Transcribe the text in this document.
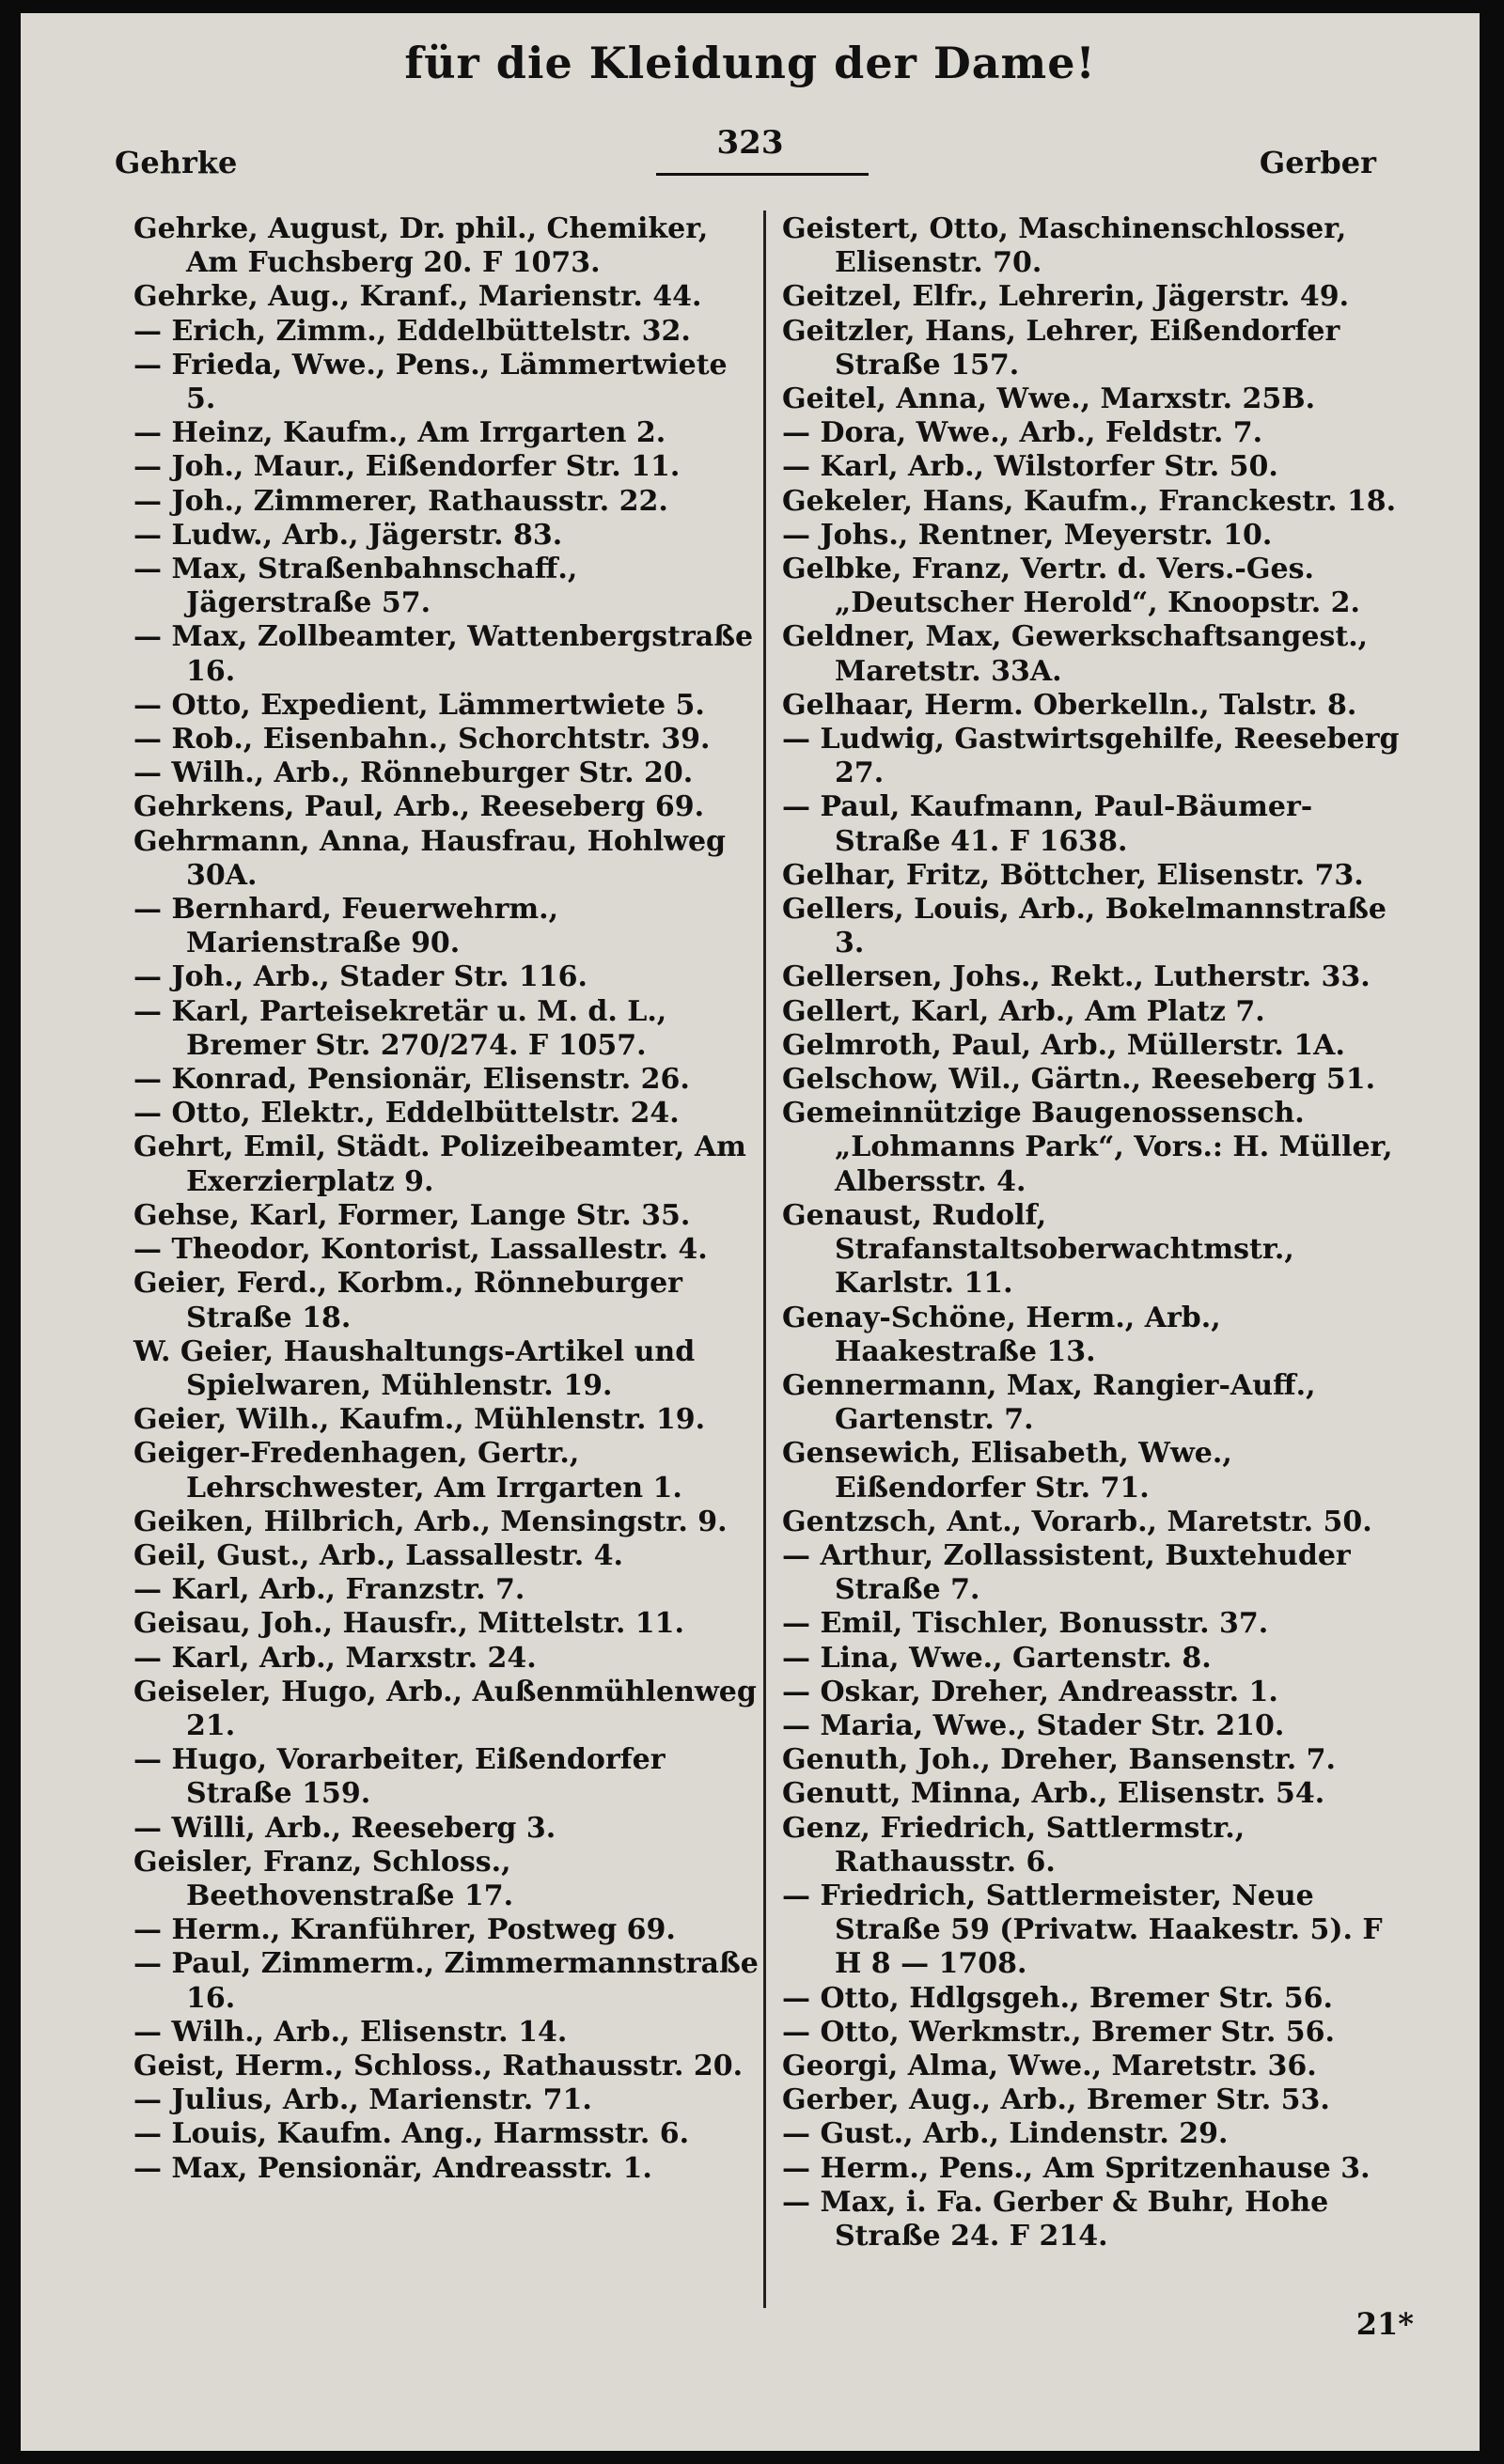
für die Kleidung der Dame!
Gehrke
323
Gerber
Gehrke, August, Dr. phil., Chemiker, Am Fuchsberg 20. F 1073.
Gehrke, Aug., Kranf., Marienstr. 44.
— Erich, Zimm., Eddelbüttelstr. 32.
— Frieda, Wwe., Pens., Lämmertwiete 5.
— Heinz, Kaufm., Am Irrgarten 2.
— Joh., Maur., Eißendorfer Str. 11.
— Joh., Zimmerer, Rathausstr. 22.
— Ludw., Arb., Jägerstr. 83.
— Max, Straßenbahnschaff., Jägerstraße 57.
— Max, Zollbeamter, Wattenbergstraße 16.
— Otto, Expedient, Lämmertwiete 5.
— Rob., Eisenbahn., Schorchtstr. 39.
— Wilh., Arb., Rönneburger Str. 20.
Gehrkens, Paul, Arb., Reeseberg 69.
Gehrmann, Anna, Hausfrau, Hohlweg 30A.
— Bernhard, Feuerwehrm., Marienstraße 90.
— Joh., Arb., Stader Str. 116.
— Karl, Parteisekretär u. M. d. L., Bremer Str. 270/274. F 1057.
— Konrad, Pensionär, Elisenstr. 26.
— Otto, Elektr., Eddelbüttelstr. 24.
Gehrt, Emil, Städt. Polizeibeamter, Am Exerzierplatz 9.
Gehse, Karl, Former, Lange Str. 35.
— Theodor, Kontorist, Lassallestr. 4.
Geier, Ferd., Korbm., Rönneburger Straße 18.
W. Geier, Haushaltungs-Artikel und Spielwaren, Mühlenstr. 19.
Geier, Wilh., Kaufm., Mühlenstr. 19.
Geiger-Fredenhagen, Gertr., Lehrschwester, Am Irrgarten 1.
Geiken, Hilbrich, Arb., Mensingstr. 9.
Geil, Gust., Arb., Lassallestr. 4.
— Karl, Arb., Franzstr. 7.
Geisau, Joh., Hausfr., Mittelstr. 11.
— Karl, Arb., Marxstr. 24.
Geiseler, Hugo, Arb., Außenmühlenweg 21.
— Hugo, Vorarbeiter, Eißendorfer Straße 159.
— Willi, Arb., Reeseberg 3.
Geisler, Franz, Schloss., Beethovenstraße 17.
— Herm., Kranführer, Postweg 69.
— Paul, Zimmerm., Zimmermannstraße 16.
— Wilh., Arb., Elisenstr. 14.
Geist, Herm., Schloss., Rathausstr. 20.
— Julius, Arb., Marienstr. 71.
— Louis, Kaufm. Ang., Harmsstr. 6.
— Max, Pensionär, Andreasstr. 1.
Geistert, Otto, Maschinenschlosser, Elisenstr. 70.
Geitzel, Elfr., Lehrerin, Jägerstr. 49.
Geitzler, Hans, Lehrer, Eißendorfer Straße 157.
Geitel, Anna, Wwe., Marxstr. 25B.
— Dora, Wwe., Arb., Feldstr. 7.
— Karl, Arb., Wilstorfer Str. 50.
Gekeler, Hans, Kaufm., Franckestr. 18.
— Johs., Rentner, Meyerstr. 10.
Gelbke, Franz, Vertr. d. Vers.-Ges. „Deutscher Herold“, Knoopstr. 2.
Geldner, Max, Gewerkschaftsangest., Maretstr. 33A.
Gelhaar, Herm. Oberkelln., Talstr. 8.
— Ludwig, Gastwirtsgehilfe, Reeseberg 27.
— Paul, Kaufmann, Paul-Bäumer-Straße 41. F 1638.
Gelhar, Fritz, Böttcher, Elisenstr. 73.
Gellers, Louis, Arb., Bokelmannstraße 3.
Gellersen, Johs., Rekt., Lutherstr. 33.
Gellert, Karl, Arb., Am Platz 7.
Gelmroth, Paul, Arb., Müllerstr. 1A.
Gelschow, Wil., Gärtn., Reeseberg 51.
Gemeinnützige Baugenossensch. „Lohmanns Park“, Vors.: H. Müller, Albersstr. 4.
Genaust, Rudolf, Strafanstaltsoberwachtmstr., Karlstr. 11.
Genay-Schöne, Herm., Arb., Haakestraße 13.
Gennermann, Max, Rangier-Auff., Gartenstr. 7.
Gensewich, Elisabeth, Wwe., Eißendorfer Str. 71.
Gentzsch, Ant., Vorarb., Maretstr. 50.
— Arthur, Zollassistent, Buxtehuder Straße 7.
— Emil, Tischler, Bonusstr. 37.
— Lina, Wwe., Gartenstr. 8.
— Oskar, Dreher, Andreasstr. 1.
— Maria, Wwe., Stader Str. 210.
Genuth, Joh., Dreher, Bansenstr. 7.
Genutt, Minna, Arb., Elisenstr. 54.
Genz, Friedrich, Sattlermstr., Rathausstr. 6.
— Friedrich, Sattlermeister, Neue Straße 59 (Privatw. Haakestr. 5). F H 8 — 1708.
— Otto, Hdlgsgeh., Bremer Str. 56.
— Otto, Werkmstr., Bremer Str. 56.
Georgi, Alma, Wwe., Maretstr. 36.
Gerber, Aug., Arb., Bremer Str. 53.
— Gust., Arb., Lindenstr. 29.
— Herm., Pens., Am Spritzenhause 3.
— Max, i. Fa. Gerber & Buhr, Hohe Straße 24. F 214.
21*
